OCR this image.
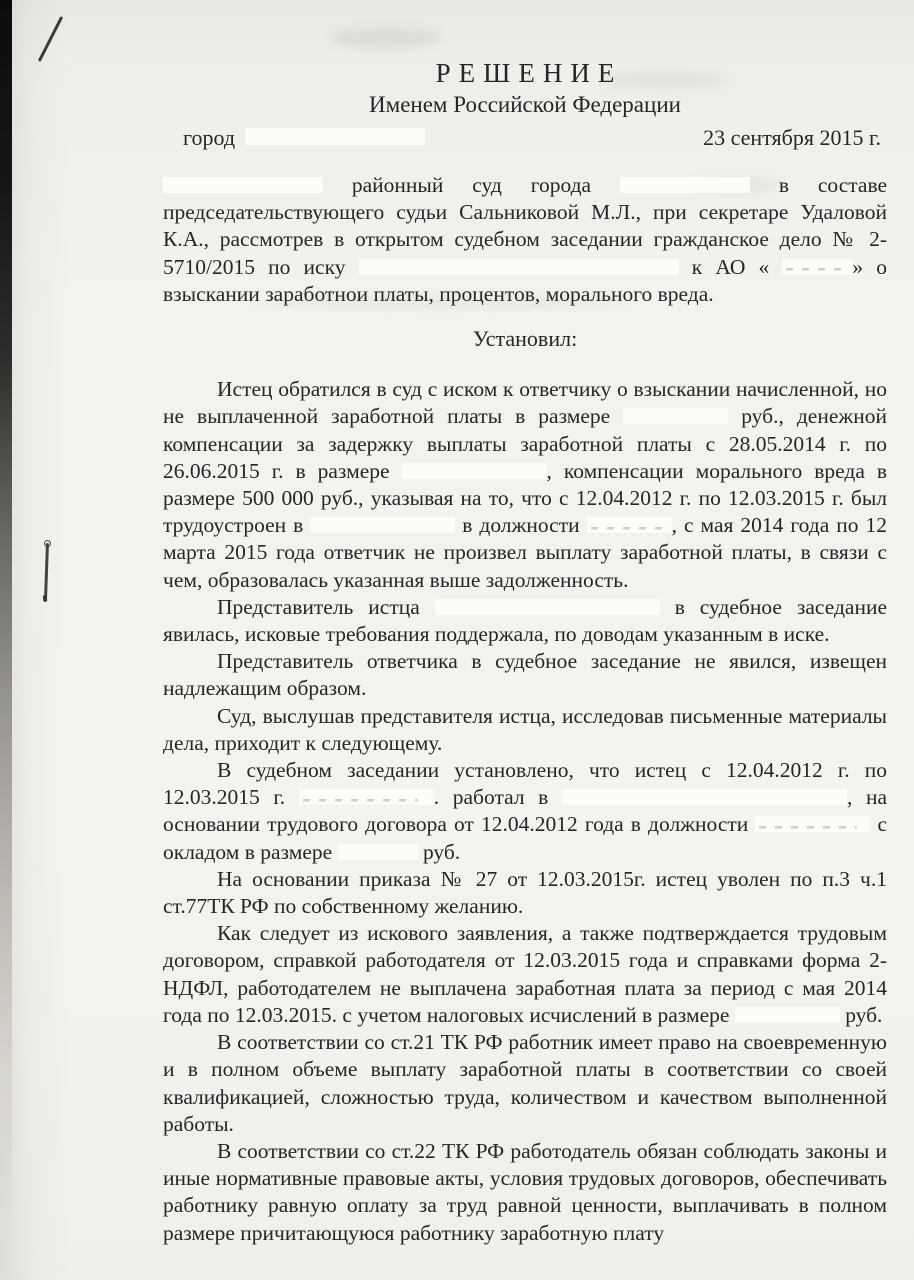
РЕШЕНИЕ
Именем Российской Федерации
город	23 сентября 2015 г.

районный суд города	в составе председательствующего судьи Сальниковой М.Л., при секретаре Удаловой К.А., рассмотрев в открытом судебном заседании гражданское дело № 2-5710/2015 по иску	к АО «	» о взыскании заработнои платы, процентов, морального вреда.

Установил:

Истец обратился в суд с иском к ответчику о взыскании начисленной, но не выплаченной заработной платы в размере	руб., денежной компенсации за задержку выплаты заработной платы с 28.05.2014 г. по 26.06.2015 г. в размере	, компенсации морального вреда в размере 500 000 руб., указывая на то, что с 12.04.2012 г. по 12.03.2015 г. был трудоустроен в	в должности	, с мая 2014 года по 12 марта 2015 года ответчик не произвел выплату заработной платы, в связи с чем, образовалась указанная выше задолженность.

Представитель истца	в судебное заседание явилась, исковые требования поддержала, по доводам указанным в иске.

Представитель ответчика в судебное заседание не явился, извещен надлежащим образом.

Суд, выслушав представителя истца, исследовав письменные материалы дела, приходит к следующему.

В судебном заседании установлено, что истец с 12.04.2012 г. по 12.03.2015 г.	. работал в	, на основании трудового договора от 12.04.2012 года в должности	с окладом в размере	руб.

На основании приказа № 27 от 12.03.2015г. истец уволен по п.3 ч.1 ст.77ТК РФ по собственному желанию.

Как следует из искового заявления, а также подтверждается трудовым договором, справкой работодателя от 12.03.2015 года и справками форма 2-НДФЛ, работодателем не выплачена заработная плата за период с мая 2014 года по 12.03.2015. с учетом налоговых исчислений в размере	руб.

В соответствии со ст.21 ТК РФ работник имеет право на своевременную и в полном объеме выплату заработной платы в соответствии со своей квалификацией, сложностью труда, количеством и качеством выполненной работы.

В соответствии со ст.22 ТК РФ работодатель обязан соблюдать законы и иные нормативные правовые акты, условия трудовых договоров, обеспечивать работнику равную оплату за труд равной ценности, выплачивать в полном размере причитающуюся работнику заработную плату
